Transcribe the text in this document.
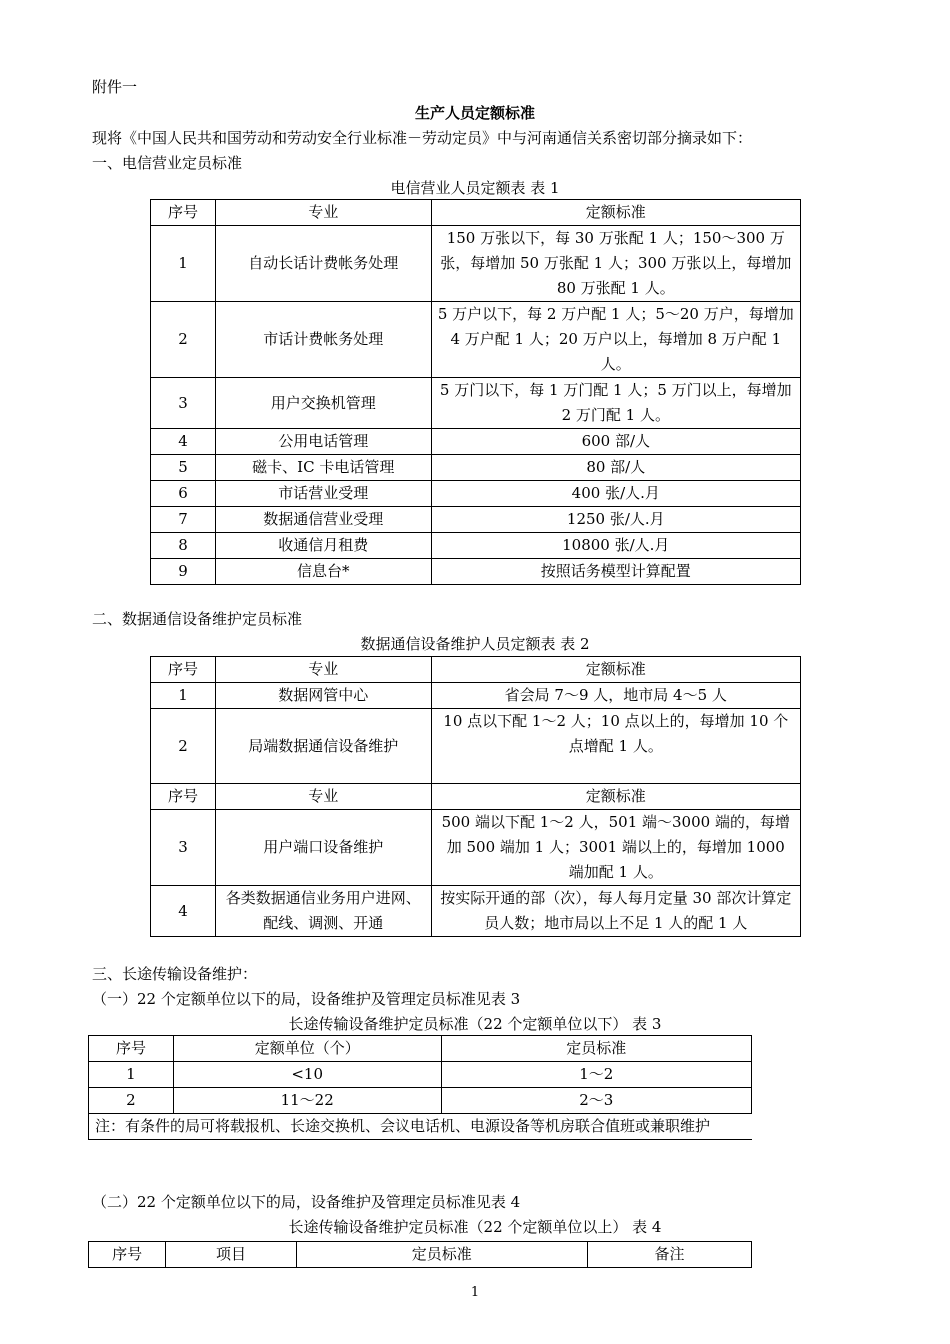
附件一
生产人员定额标准
现将《中国人民共和国劳动和劳动安全行业标准－劳动定员》中与河南通信关系密切部分摘录如下：
一、电信营业定员标准
电信营业人员定额表 表 1
序号	专业	定额标准
1	自动长话计费帐务处理	150 万张以下，每 30 万张配 1 人；150～300 万张，每增加 50 万张配 1 人；300 万张以上，每增加 80 万张配 1 人。
2	市话计费帐务处理	5 万户以下，每 2 万户配 1 人；5～20 万户，每增加 4 万户配 1 人；20 万户以上，每增加 8 万户配 1 人。
3	用户交换机管理	5 万门以下，每 1 万门配 1 人；5 万门以上，每增加 2 万门配 1 人。
4	公用电话管理	600 部/人
5	磁卡、IC 卡电话管理	80 部/人
6	市话营业受理	400 张/人.月
7	数据通信营业受理	1250 张/人.月
8	收通信月租费	10800 张/人.月
9	信息台*	按照话务模型计算配置
二、数据通信设备维护定员标准
数据通信设备维护人员定额表 表 2
序号	专业	定额标准
1	数据网管中心	省会局 7～9 人，地市局 4～5 人
2	局端数据通信设备维护	10 点以下配 1～2 人；10 点以上的，每增加 10 个点增配 1 人。
序号	专业	定额标准
3	用户端口设备维护	500 端以下配 1～2 人，501 端～3000 端的，每增加 500 端加 1 人；3001 端以上的，每增加 1000 端加配 1 人。
4	各类数据通信业务用户进网、配线、调测、开通	按实际开通的部（次），每人每月定量 30 部次计算定员人数；地市局以上不足 1 人的配 1 人
三、长途传输设备维护：
（一）22 个定额单位以下的局，设备维护及管理定员标准见表 3
长途传输设备维护定员标准（22 个定额单位以下） 表 3
序号	定额单位（个）	定员标准
1	<10	1～2
2	11～22	2～3
注：有条件的局可将载报机、长途交换机、会议电话机、电源设备等机房联合值班或兼职维护		
（二）22 个定额单位以下的局，设备维护及管理定员标准见表 4
长途传输设备维护定员标准（22 个定额单位以上） 表 4
序号	项目	定员标准	备注
1
